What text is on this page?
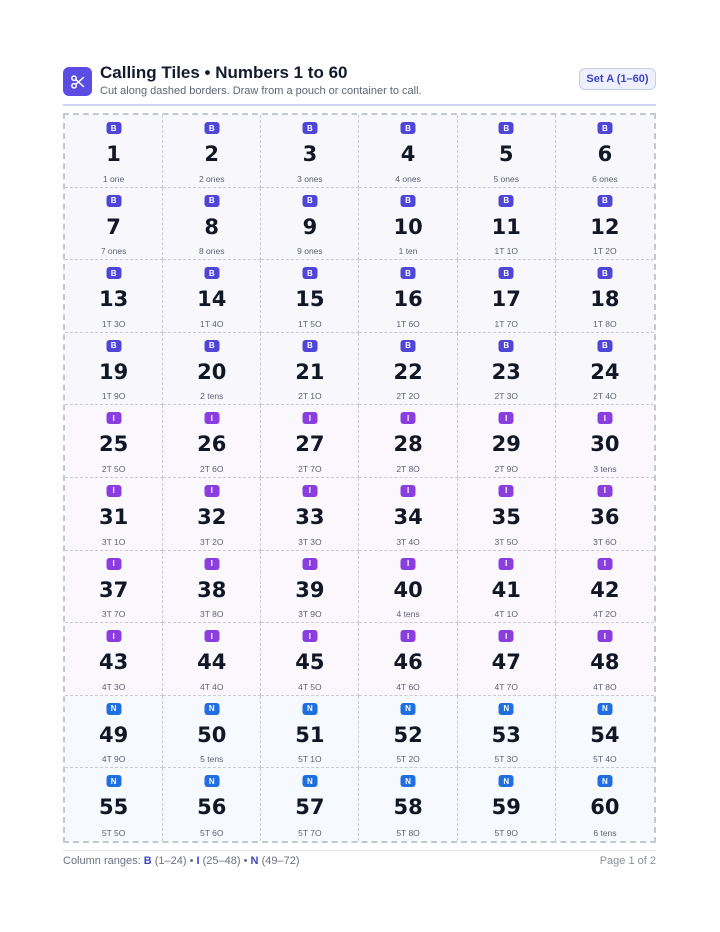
Calling Tiles • Numbers 1 to 60
Cut along dashed borders. Draw from a pouch or container to call.
Set A (1–60)
B
1
1 one
B
2
2 ones
B
3
3 ones
B
4
4 ones
B
5
5 ones
B
6
6 ones
B
7
7 ones
B
8
8 ones
B
9
9 ones
B
10
1 ten
B
11
1T 1O
B
12
1T 2O
B
13
1T 3O
B
14
1T 4O
B
15
1T 5O
B
16
1T 6O
B
17
1T 7O
B
18
1T 8O
B
19
1T 9O
B
20
2 tens
B
21
2T 1O
B
22
2T 2O
B
23
2T 3O
B
24
2T 4O
I
25
2T 5O
I
26
2T 6O
I
27
2T 7O
I
28
2T 8O
I
29
2T 9O
I
30
3 tens
I
31
3T 1O
I
32
3T 2O
I
33
3T 3O
I
34
3T 4O
I
35
3T 5O
I
36
3T 6O
I
37
3T 7O
I
38
3T 8O
I
39
3T 9O
I
40
4 tens
I
41
4T 1O
I
42
4T 2O
I
43
4T 3O
I
44
4T 4O
I
45
4T 5O
I
46
4T 6O
I
47
4T 7O
I
48
4T 8O
N
49
4T 9O
N
50
5 tens
N
51
5T 1O
N
52
5T 2O
N
53
5T 3O
N
54
5T 4O
N
55
5T 5O
N
56
5T 6O
N
57
5T 7O
N
58
5T 8O
N
59
5T 9O
N
60
6 tens
Column ranges: B (1–24) • I (25–48) • N (49–72)	Page 1 of 2
